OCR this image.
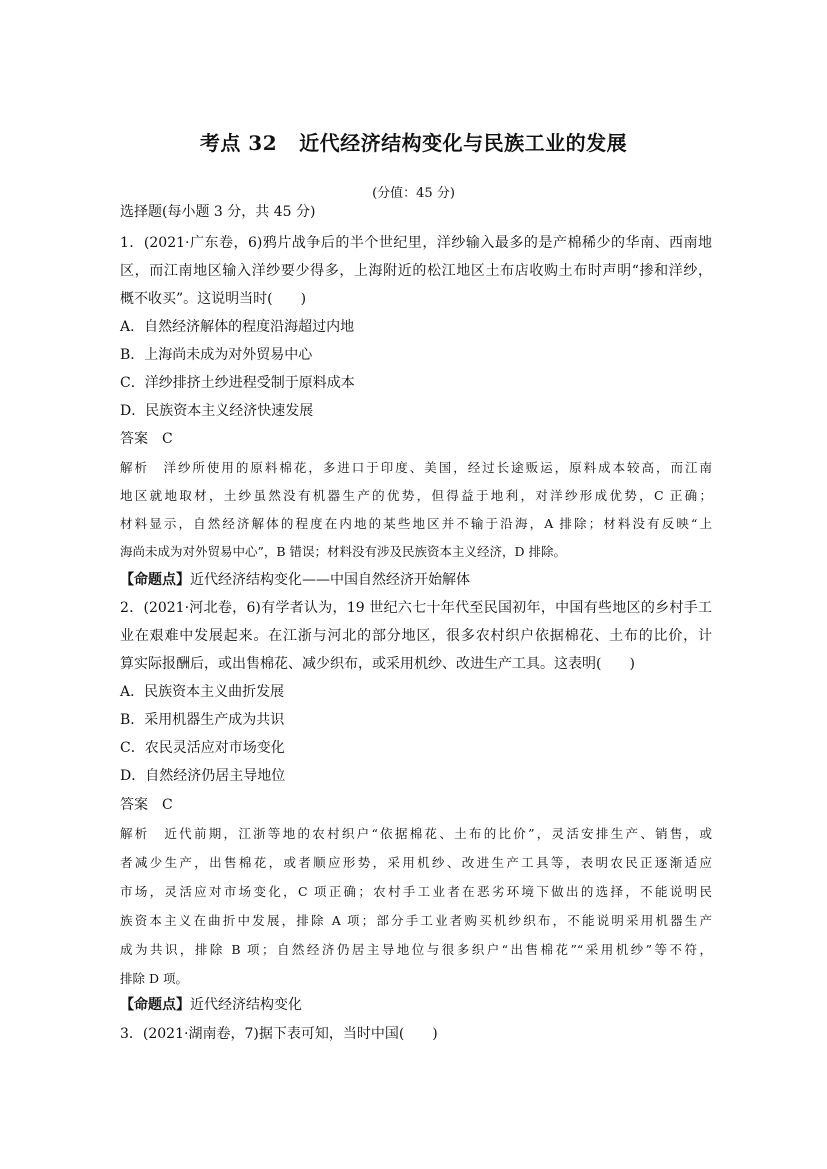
考点 32 近代经济结构变化与民族工业的发展
(分值：45 分)
选择题(每小题 3 分，共 45 分)
1．(2021·广东卷，6)鸦片战争后的半个世纪里，洋纱输入最多的是产棉稀少的华南、西南地
区，而江南地区输入洋纱要少得多，上海附近的松江地区土布店收购土布时声明“掺和洋纱，
概不收买”。这说明当时(　　)
A．自然经济解体的程度沿海超过内地
B．上海尚未成为对外贸易中心
C．洋纱排挤土纱进程受制于原料成本
D．民族资本主义经济快速发展
答案 C
解析　洋纱所使用的原料棉花，多进口于印度、美国，经过长途贩运，原料成本较高，而江南
地区就地取材，土纱虽然没有机器生产的优势，但得益于地利，对洋纱形成优势，C 正确；
材料显示，自然经济解体的程度在内地的某些地区并不输于沿海，A 排除；材料没有反映“上
海尚未成为对外贸易中心”，B 错误；材料没有涉及民族资本主义经济，D 排除。
【命题点】近代经济结构变化——中国自然经济开始解体
2．(2021·河北卷，6)有学者认为，19 世纪六七十年代至民国初年，中国有些地区的乡村手工
业在艰难中发展起来。在江浙与河北的部分地区，很多农村织户依据棉花、土布的比价，计
算实际报酬后，或出售棉花、减少织布，或采用机纱、改进生产工具。这表明(　　)
A．民族资本主义曲折发展
B．采用机器生产成为共识
C．农民灵活应对市场变化
D．自然经济仍居主导地位
答案 C
解析　近代前期，江浙等地的农村织户“依据棉花、土布的比价”，灵活安排生产、销售，或
者减少生产，出售棉花，或者顺应形势，采用机纱、改进生产工具等，表明农民正逐渐适应
市场，灵活应对市场变化，C 项正确；农村手工业者在恶劣环境下做出的选择，不能说明民
族资本主义在曲折中发展，排除 A 项；部分手工业者购买机纱织布，不能说明采用机器生产
成为共识，排除 B 项；自然经济仍居主导地位与很多织户“出售棉花”“采用机纱”等不符，
排除 D 项。
【命题点】近代经济结构变化
3．(2021·湖南卷，7)据下表可知，当时中国(　　)
